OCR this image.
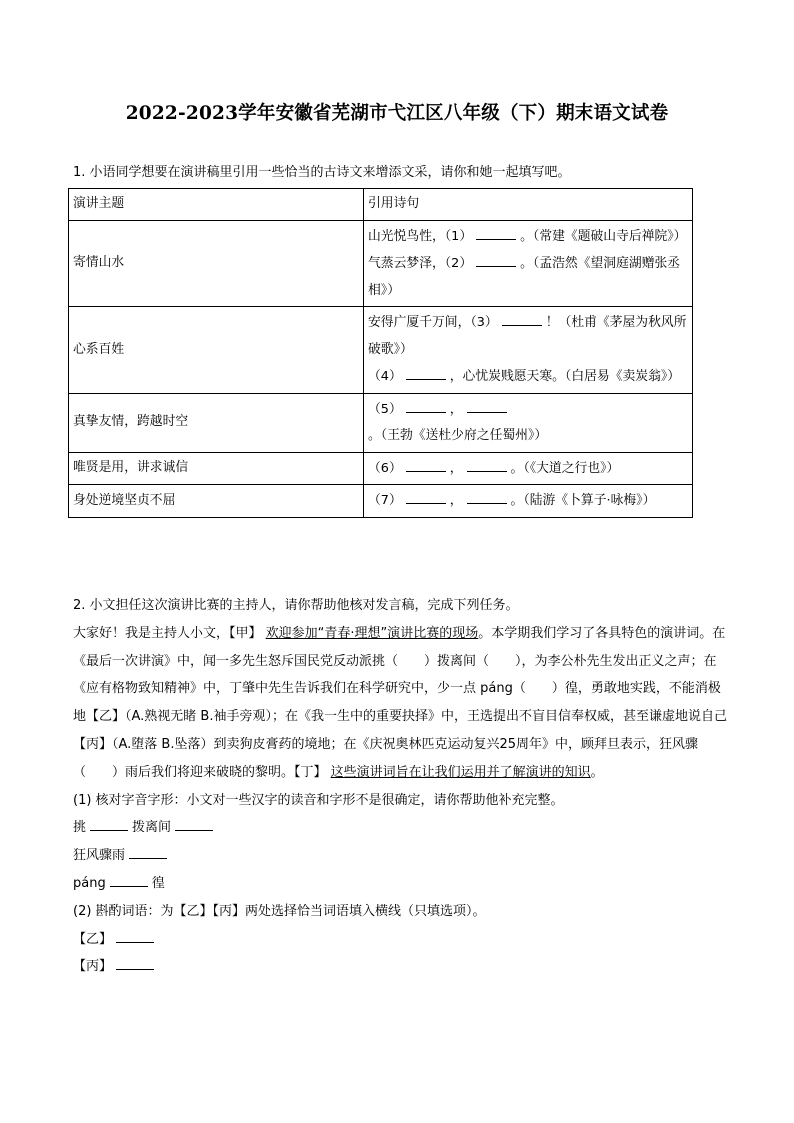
2022-2023学年安徽省芜湖市弋江区八年级（下）期末语文试卷
1. 小语同学想要在演讲稿里引用一些恰当的古诗文来增添文采，请你和她一起填写吧。
演讲主题	引用诗句
寄情山水	山光悦鸟性，（1） 。（常建《题破山寺后禅院》）
气蒸云梦泽，（2） 。（孟浩然《望洞庭湖赠张丞相》）
心系百姓	安得广厦千万间，（3） ！（杜甫《茅屋为秋风所破歌》）
（4） ，心忧炭贱愿天寒。（白居易《卖炭翁》）
真挚友情，跨越时空	（5） ，。（王勃《送杜少府之任蜀州》）
唯贤是用，讲求诚信	（6） ， 。（《大道之行也》）
身处逆境坚贞不屈	（7） ， 。（陆游《卜算子·咏梅》）

2. 小文担任这次演讲比赛的主持人，请你帮助他核对发言稿，完成下列任务。

大家好！我是主持人小文，【甲】 欢迎参加“青春·理想”演讲比赛的现场。本学期我们学习了各具特色的演讲词。在《最后一次讲演》中，闻一多先生怒斥国民党反动派挑（　　）拨离间（　　），为李公朴先生发出正义之声；在《应有格物致知精神》中，丁肇中先生告诉我们在科学研究中，少一点 páng（　　）徨，勇敢地实践，不能消极地【乙】（A.熟视无睹 B.袖手旁观）；在《我一生中的重要抉择》中，王选提出不盲目信奉权威，甚至谦虚地说自己【丙】（A.堕落 B.坠落）到卖狗皮膏药的境地；在《庆祝奥林匹克运动复兴25周年》中，顾拜旦表示，狂风骤（　　）雨后我们将迎来破晓的黎明。【丁】 这些演讲词旨在让我们运用并了解演讲的知识。

(1) 核对字音字形：小文对一些汉字的读音和字形不是很确定，请你帮助他补充完整。

挑	拨离间

狂风骤雨

páng	徨

(2) 斟酌词语：为【乙】【丙】两处选择恰当词语填入横线（只填选项）。

【乙】

【丙】
